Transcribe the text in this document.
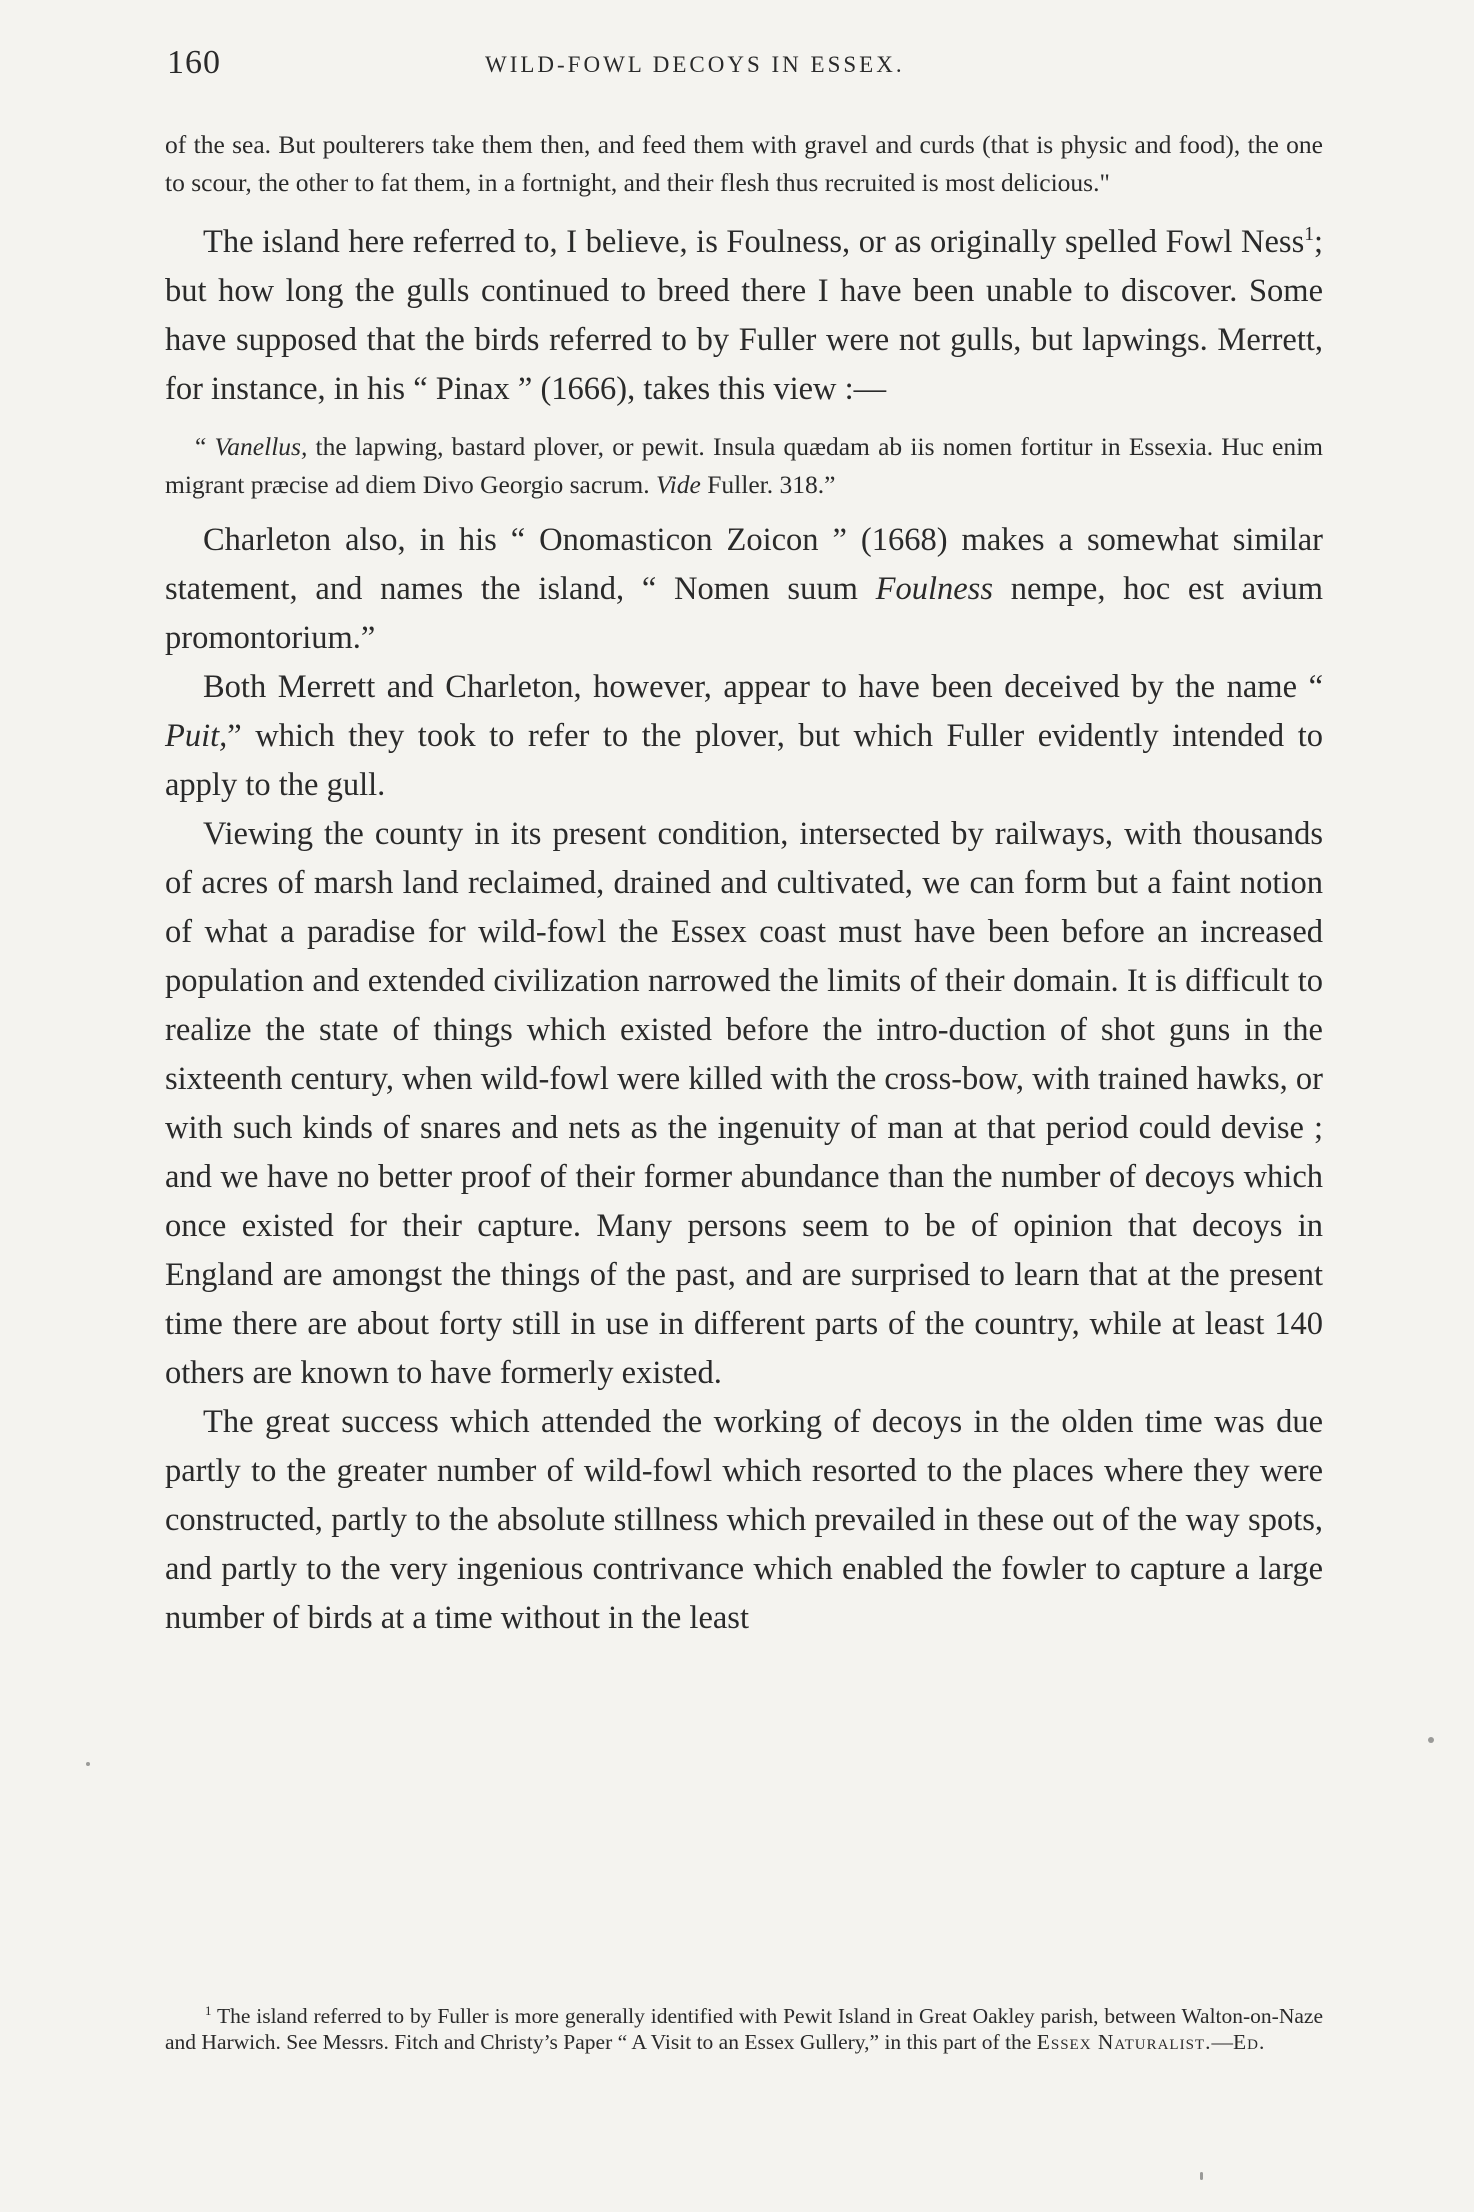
160	WILD-FOWL DECOYS IN ESSEX.

of the sea. But poulterers take them then, and feed them with gravel and curds (that is physic and food), the one to scour, the other to fat them, in a fortnight, and their flesh thus recruited is most delicious."

The island here referred to, I believe, is Foulness, or as originally spelled Fowl Ness$^1$; but how long the gulls continued to breed there I have been unable to discover. Some have supposed that the birds referred to by Fuller were not gulls, but lapwings. Merrett, for instance, in his “ Pinax ” (1666), takes this view :—

“ Vanellus, the lapwing, bastard plover, or pewit. Insula quædam ab iis nomen fortitur in Essexia. Huc enim migrant præcise ad diem Divo Georgio sacrum. Vide Fuller. 318.”

Charleton also, in his “ Onomasticon Zoicon ” (1668) makes a somewhat similar statement, and names the island, “ Nomen suum Foulness nempe, hoc est avium promontorium.”

Both Merrett and Charleton, however, appear to have been deceived by the name “ Puit,” which they took to refer to the plover, but which Fuller evidently intended to apply to the gull.

Viewing the county in its present condition, intersected by railways, with thousands of acres of marsh land reclaimed, drained and cultivated, we can form but a faint notion of what a paradise for wild-fowl the Essex coast must have been before an increased population and extended civilization narrowed the limits of their domain. It is difficult to realize the state of things which existed before the intro-duction of shot guns in the sixteenth century, when wild-fowl were killed with the cross-bow, with trained hawks, or with such kinds of snares and nets as the ingenuity of man at that period could devise ; and we have no better proof of their former abundance than the number of decoys which once existed for their capture. Many persons seem to be of opinion that decoys in England are amongst the things of the past, and are surprised to learn that at the present time there are about forty still in use in different parts of the country, while at least 140 others are known to have formerly existed.

The great success which attended the working of decoys in the olden time was due partly to the greater number of wild-fowl which resorted to the places where they were constructed, partly to the absolute stillness which prevailed in these out of the way spots, and partly to the very ingenious contrivance which enabled the fowler to capture a large number of birds at a time without in the least

$^1$ The island referred to by Fuller is more generally identified with Pewit Island in Great Oakley parish, between Walton-on-Naze and Harwich. See Messrs. Fitch and Christy’s Paper “ A Visit to an Essex Gullery,” in this part of the Essex Naturalist.—Ed.
